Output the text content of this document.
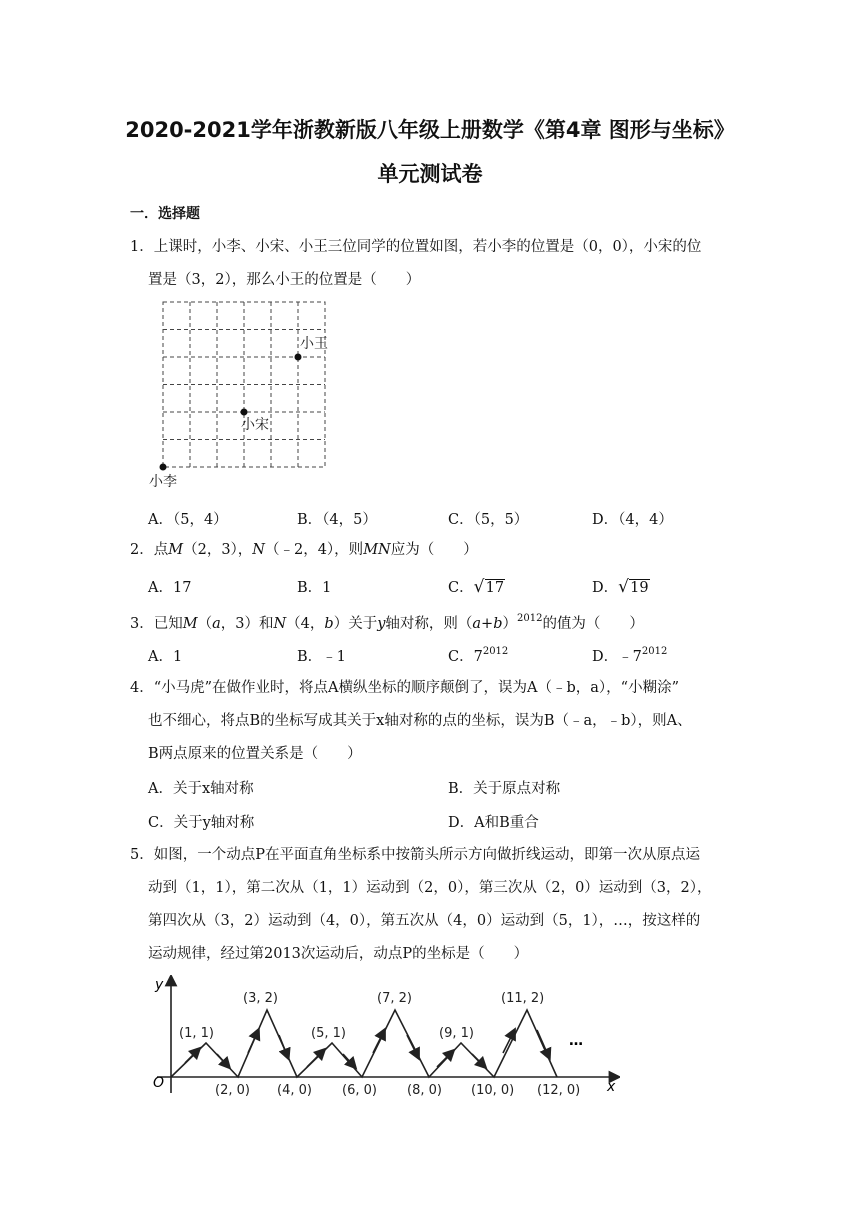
2020-2021学年浙教新版八年级上册数学《第4章 图形与坐标》
单元测试卷
一．选择题
1．上课时，小李、小宋、小王三位同学的位置如图，若小李的位置是（0，0），小宋的位
置是（3，2），那么小王的位置是（　　）
小王
小宋
小李
A．（5，4）	B．（4，5）	C．（5，5）	D．（4，4）
2．点M（2，3），N（﹣2，4），则MN应为（　　）
A．17	B．1	C． √ 17	D． √ 19
3．已知M（a，3）和N（4，b）关于y轴对称，则$(a+b)^{2012}$的值为（　　）
A．1	B．﹣1	C．$7^{2012}$	D．$﹣7^{2012}$
4．“小马虎”在做作业时，将点A横纵坐标的顺序颠倒了，误为A（﹣b，a），“小糊涂”
也不细心，将点B的坐标写成其关于x轴对称的点的坐标，误为B（﹣a，﹣b），则A、
B两点原来的位置关系是（　　）
A．关于x轴对称	B．关于原点对称
C．关于y轴对称	D．A和B重合
5．如图，一个动点P在平面直角坐标系中按箭头所示方向做折线运动，即第一次从原点运
动到（1，1），第二次从（1，1）运动到（2，0），第三次从（2，0）运动到（3，2），
第四次从（3，2）运动到（4，0），第五次从（4，0）运动到（5，1），…，按这样的
运动规律，经过第2013次运动后，动点P的坐标是（　　）
y
x
O
(1, 1)
(3, 2)
(5, 1)
(7, 2)
(9, 1)
(11, 2)
(2, 0) (4, 0) (6, 0) (8, 0) (10, 0) (12, 0)
…
